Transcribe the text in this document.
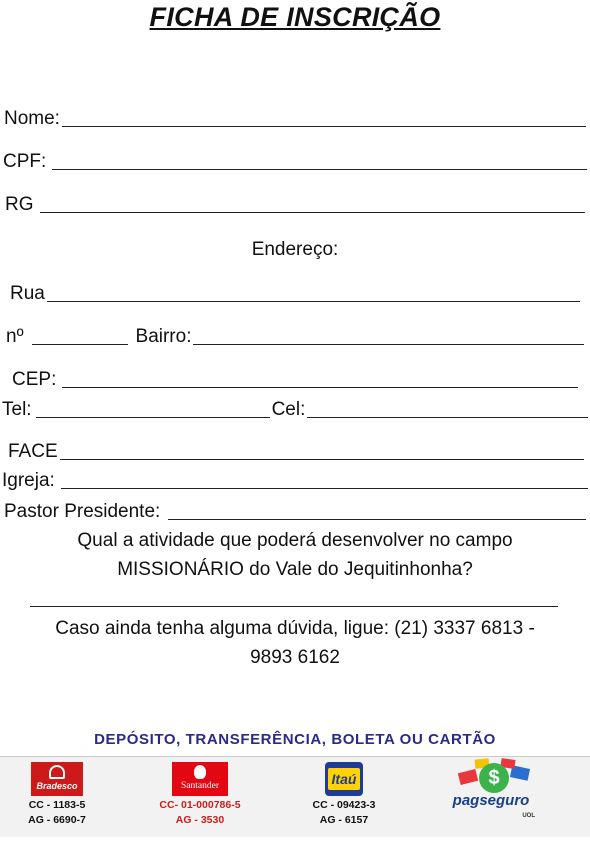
FICHA DE INSCRIÇÃO
Nome:
CPF:
RG
Endereço:
Rua
nº	Bairro:
CEP:
Tel:	Cel:
FACE
Igreja:
Pastor Presidente:
Qual a atividade que poderá desenvolver no campo
MISSIONÁRIO do Vale do Jequitinhonha?
Caso ainda tenha alguma dúvida, ligue: (21) 3337 6813 -
9893 6162
DEPÓSITO, TRANSFERÊNCIA, BOLETA OU CARTÃO
Bradesco
CC - 1183-5
AG - 6690-7
Santander
CC- 01-000786-5
AG - 3530
Itaú
CC - 09423-3
AG - 6157
$
pagseguro
UOL
